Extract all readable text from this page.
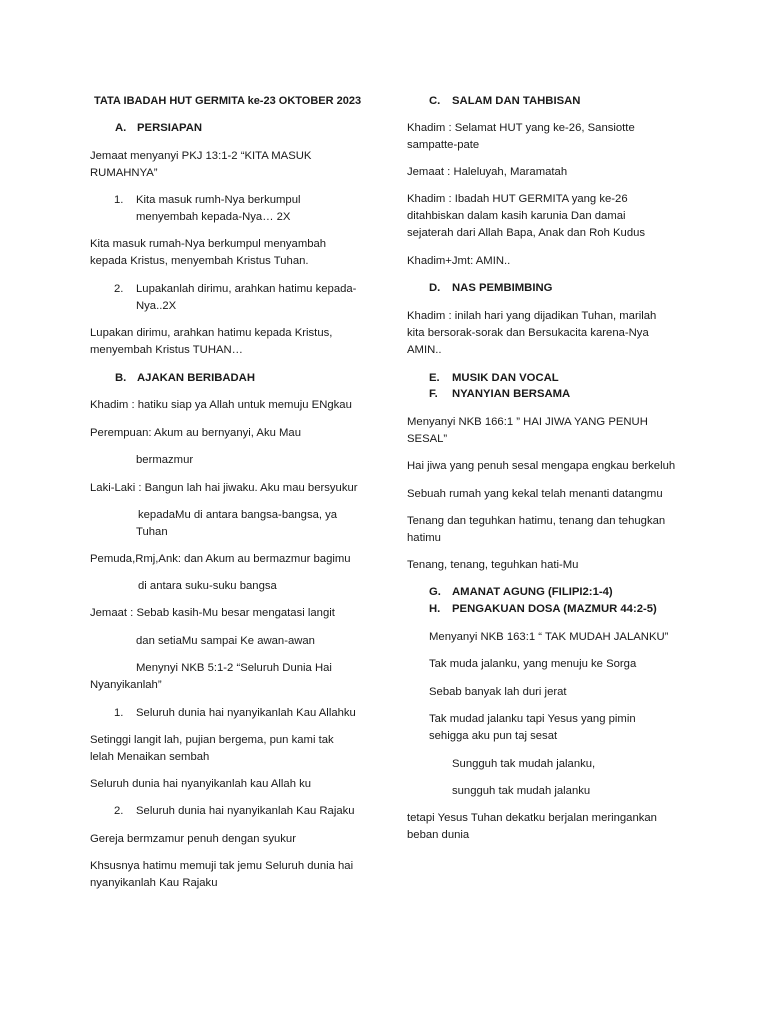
TATA IBADAH HUT GERMITA ke-23 OKTOBER 2023
A. PERSIAPAN
Jemaat menyanyi PKJ 13:1-2 “KITA MASUK
RUMAHNYA”
1.	Kita masuk rumh-Nya berkumpul
menyembah kepada-Nya… 2X
Kita masuk rumah-Nya berkumpul menyambah
kepada Kristus, menyembah Kristus Tuhan.
2.	Lupakanlah dirimu, arahkan hatimu kepada-
Nya..2X
Lupakan dirimu, arahkan hatimu kepada Kristus,
menyembah Kristus TUHAN…
B. AJAKAN BERIBADAH
Khadim : hatiku siap ya Allah untuk memuju ENgkau
Perempuan: Akum au bernyanyi, Aku Mau
bermazmur
Laki-Laki : Bangun lah hai jiwaku. Aku mau bersyukur
kepadaMu di antara bangsa-bangsa, ya
Tuhan
Pemuda,Rmj,Ank: dan Akum au bermazmur bagimu
di antara suku-suku bangsa
Jemaat : Sebab kasih-Mu besar mengatasi langit
dan setiaMu sampai Ke awan-awan
Menynyi NKB 5:1-2 “Seluruh Dunia Hai
Nyanyikanlah”
1.	Seluruh dunia hai nyanyikanlah Kau Allahku
Setinggi langit lah, pujian bergema, pun kami tak
lelah Menaikan sembah
Seluruh dunia hai nyanyikanlah kau Allah ku
2.	Seluruh dunia hai nyanyikanlah Kau Rajaku
Gereja bermzamur penuh dengan syukur
Khsusnya hatimu memuji tak jemu Seluruh dunia hai
nyanyikanlah Kau Rajaku
C. SALAM DAN TAHBISAN
Khadim : Selamat HUT yang ke-26, Sansiotte
sampatte-pate
Jemaat : Haleluyah, Maramatah
Khadim : Ibadah HUT GERMITA yang ke-26
ditahbiskan dalam kasih karunia Dan damai
sejaterah dari Allah Bapa, Anak dan Roh Kudus
Khadim+Jmt: AMIN..
D. NAS PEMBIMBING
Khadim : inilah hari yang dijadikan Tuhan, marilah
kita bersorak-sorak dan Bersukacita karena-Nya
AMIN..
E. MUSIK DAN VOCAL
F. NYANYIAN BERSAMA
Menyanyi NKB 166:1 ” HAI JIWA YANG PENUH
SESAL”
Hai jiwa yang penuh sesal mengapa engkau berkeluh
Sebuah rumah yang kekal telah menanti datangmu
Tenang dan teguhkan hatimu, tenang dan tehugkan
hatimu
Tenang, tenang, teguhkan hati-Mu
G. AMANAT AGUNG (FILIPI2:1-4)
H. PENGAKUAN DOSA (MAZMUR 44:2-5)
Menyanyi NKB 163:1 “ TAK MUDAH JALANKU”
Tak muda jalanku, yang menuju ke Sorga
Sebab banyak lah duri jerat
Tak mudad jalanku tapi Yesus yang pimin
sehigga aku pun taj sesat
Sungguh tak mudah jalanku,
sungguh tak mudah jalanku
tetapi Yesus Tuhan dekatku berjalan meringankan
beban dunia
